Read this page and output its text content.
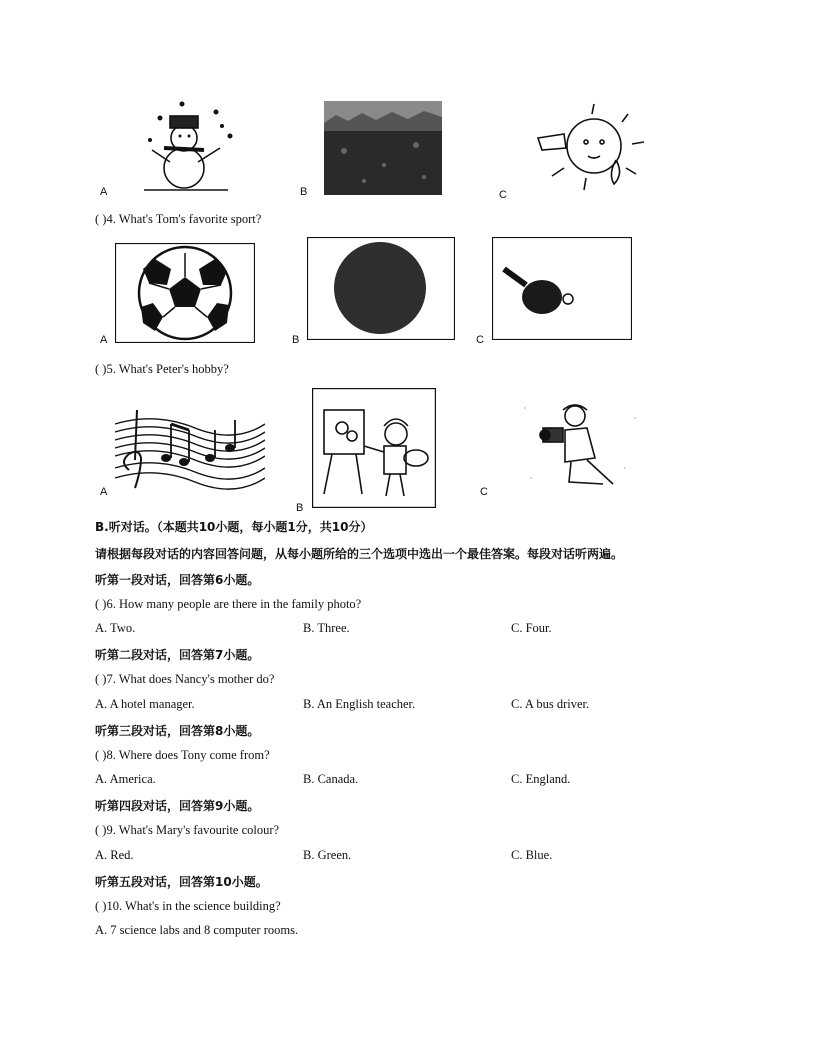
A	B	C
( )4. What's Tom's favorite sport?
A	B	C
( )5. What's Peter's hobby?
A
B
C
B.听对话。（本题共10小题，每小题1分，共10分）
请根据每段对话的内容回答问题，从每小题所给的三个选项中选出一个最佳答案。每段对话听两遍。
听第一段对话，回答第6小题。
( )6. How many people are there in the family photo?
A. Two.	B. Three.	C. Four.
听第二段对话，回答第7小题。
( )7. What does Nancy's mother do?
A. A hotel manager.	B. An English teacher.	C. A bus driver.
听第三段对话，回答第8小题。
( )8. Where does Tony come from?
A. America.	B. Canada.	C. England.
听第四段对话，回答第9小题。
( )9. What's Mary's favourite colour?
A. Red.	B. Green.	C. Blue.
听第五段对话，回答第10小题。
( )10. What's in the science building?
A. 7 science labs and 8 computer rooms.
